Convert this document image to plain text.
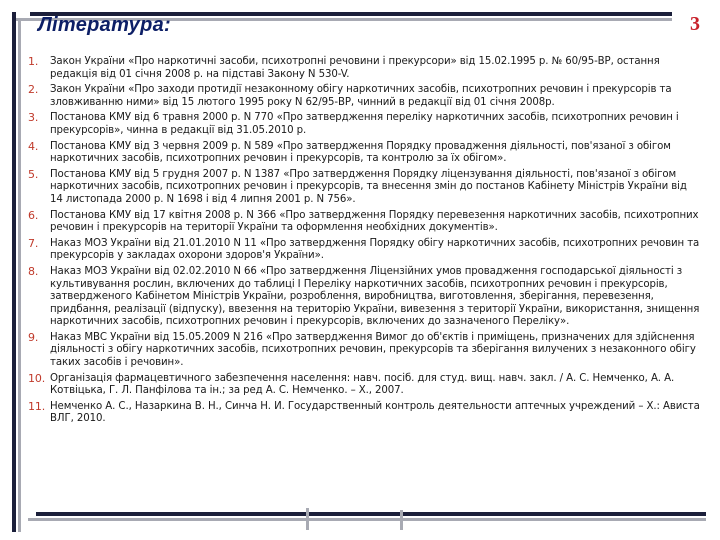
Література:	3
1. Закон України «Про наркотичні засоби, психотропні речовини і прекурсори» від 15.02.1995 р. № 60/95-ВР, остання редакція від 01 січня 2008 р. на підставі Закону N 530-V.
2. Закон України «Про заходи протидії незаконному обігу наркотичних засобів, психотропних речовин і прекурсорів та зловживанню ними» від 15 лютого 1995 року N 62/95-ВР, чинний в редакції від 01 січня 2008р.
3. Постанова КМУ від 6 травня 2000 р. N 770 «Про затвердження переліку наркотичних засобів, психотропних речовин і прекурсорів», чинна в редакції від 31.05.2010 р.
4. Постанова КМУ від 3 червня 2009 р. N 589 «Про затвердження Порядку провадження діяльності, пов'язаної з обігом наркотичних засобів, психотропних речовин і прекурсорів, та контролю за їх обігом».
5. Постанова КМУ від 5 грудня 2007 р. N 1387 «Про затвердження Порядку ліцензування діяльності, пов'язаної з обігом наркотичних засобів, психотропних речовин і прекурсорів, та внесення змін до постанов Кабінету Міністрів України від 14 листопада 2000 р. N 1698 і від 4 липня 2001 р. N 756».
6. Постанова КМУ від 17 квітня 2008 р. N 366 «Про затвердження Порядку перевезення наркотичних засобів, психотропних речовин і прекурсорів на території України та оформлення необхідних документів».
7. Наказ МОЗ України від 21.01.2010 N 11 «Про затвердження Порядку обігу наркотичних засобів, психотропних речовин та прекурсорів у закладах охорони здоров'я України».
8. Наказ МОЗ України від 02.02.2010 N 66 «Про затвердження Ліцензійних умов провадження господарської діяльності з культивування рослин, включених до таблиці I Переліку наркотичних засобів, психотропних речовин і прекурсорів, затвердженого Кабінетом Міністрів України, розроблення, виробництва, виготовлення, зберігання, перевезення, придбання, реалізації (відпуску), ввезення на територію України, вивезення з території України, використання, знищення наркотичних засобів, психотропних речовин і прекурсорів, включених до зазначеного Переліку».
9. Наказ МВС України від 15.05.2009 N 216 «Про затвердження Вимог до об'єктів і приміщень, призначених для здійснення діяльності з обігу наркотичних засобів, психотропних речовин, прекурсорів та зберігання вилучених з незаконного обігу таких засобів і речовин».
10. Організація фармацевтичного забезпечення населення: навч. посіб. для студ. вищ. навч. закл. / А. С. Немченко, А. А. Котвіцька, Г. Л. Панфілова та ін.; за ред А. С. Немченко. – Х., 2007.
11. Немченко А. С., Назаркина В. Н., Синча Н. И. Государственный контроль деятельности аптечных учреждений – Х.: Ависта ВЛГ, 2010.
